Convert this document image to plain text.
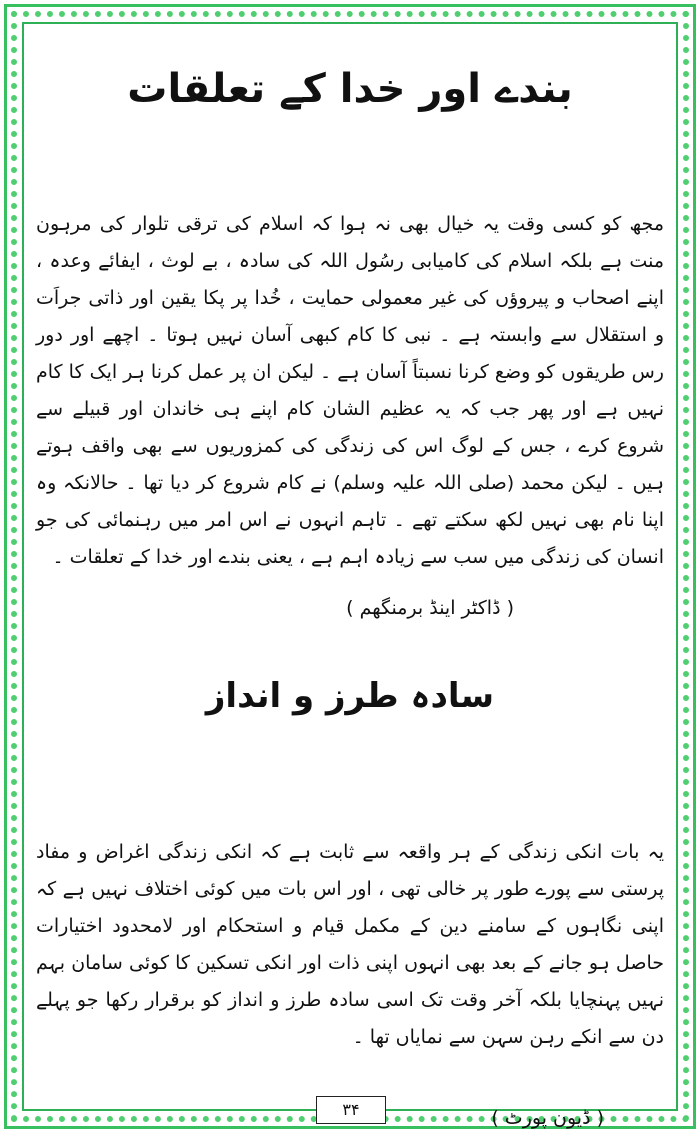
بندے اور خدا کے تعلقات

مجھ کو کسی وقت یہ خیال بھی نہ ہوا کہ اسلام کی ترقی تلوار کی مرہون منت ہے بلکہ اسلام کی کامیابی رسُول اللہ کی سادہ ، بے لوث ، ایفائے وعدہ ، اپنے اصحاب و پیروؤں کی غیر معمولی حمایت ، خُدا پر پکا یقین اور ذاتی جراَت و استقلال سے وابستہ ہے ۔ نبی کا کام کبھی آسان نہیں ہوتا ۔ اچھے اور دور رس طریقوں کو وضع کرنا نسبتاً آسان ہے ۔ لیکن ان پر عمل کرنا ہر ایک کا کام نہیں ہے اور پھر جب کہ یہ عظیم الشان کام اپنے ہی خاندان اور قبیلے سے شروع کرے ، جس کے لوگ اس کی زندگی کی کمزوریوں سے بھی واقف ہوتے ہیں ۔ لیکن محمد (صلی اللہ علیہ وسلم) نے کام شروع کر دیا تھا ۔ حالانکہ وہ اپنا نام بھی نہیں لکھ سکتے تھے ۔ تاہم انہوں نے اس امر میں رہنمائی کی جو انسان کی زندگی میں سب سے زیادہ اہم ہے ، یعنی بندے اور خدا کے تعلقات ۔

( ڈاکٹر اینڈ برمنگھم )
سادہ طرز و انداز

یہ بات انکی زندگی کے ہر واقعہ سے ثابت ہے کہ انکی زندگی اغراض و مفاد پرستی سے پورے طور پر خالی تھی ، اور اس بات میں کوئی اختلاف نہیں ہے کہ اپنی نگاہوں کے سامنے دین کے مکمل قیام و استحکام اور لامحدود اختیارات حاصل ہو جانے کے بعد بھی انہوں اپنی ذات اور انکی تسکین کا کوئی سامان بہم نہیں پہنچایا بلکہ آخر وقت تک اسی سادہ طرز و انداز کو برقرار رکھا جو پہلے دن سے انکے رہن سہن سے نمایاں تھا ۔

( ڈیون پورٹ )
۳۴
